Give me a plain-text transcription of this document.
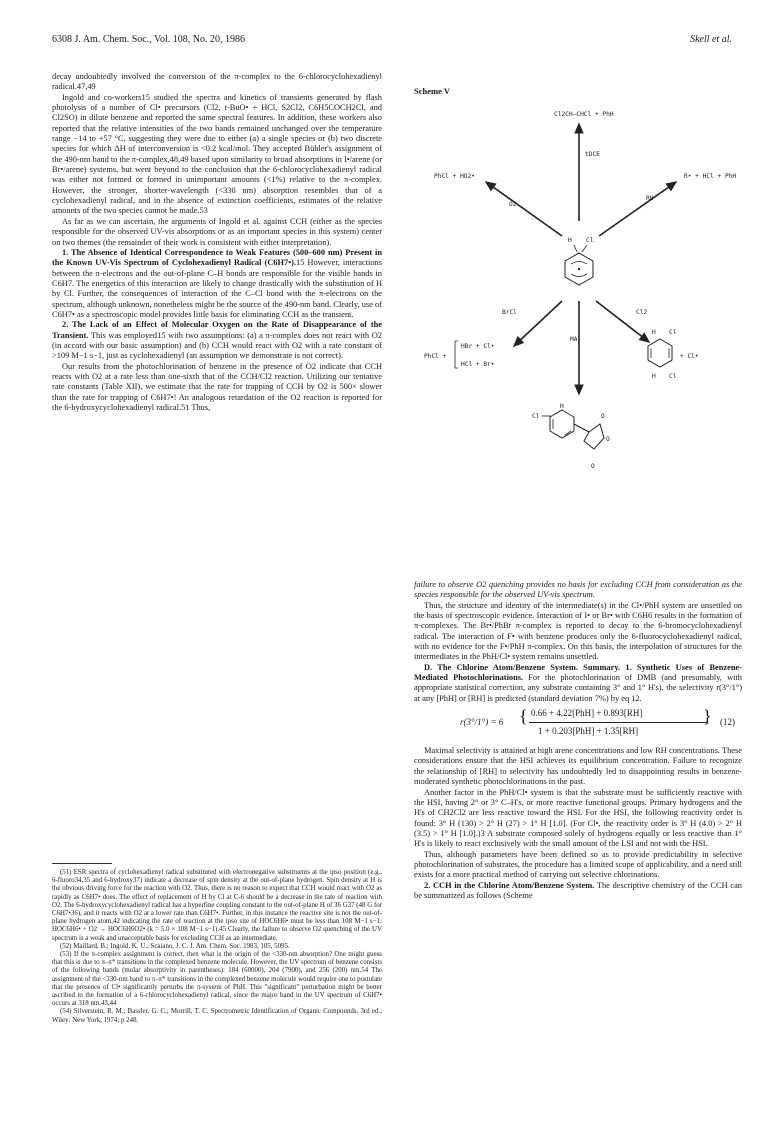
6308 J. Am. Chem. Soc., Vol. 108, No. 20, 1986	Skell et al.

decay undoubtedly involved the conversion of the π-complex to the 6-chlorocyclohexadienyl radical.47,49

Ingold and co-workers15 studied the spectra and kinetics of transients generated by flash photolysis of a number of Cl• precursors (Cl2, t-BuO• + HCl, S2Cl2, C6H5COCH2Cl, and Cl2SO) in dilute benzene and reported the same spectral features. In addition, these workers also reported that the relative intensities of the two bands remained unchanged over the temperature range −14 to +57 °C, suggesting they were due to either (a) a single species or (b) two discrete species for which ΔH of interconversion is <0.2 kcal/mol. They accepted Bühler's assignment of the 490-nm band to the π-complex,48,49 based upon similarity to broad absorptions in I•/arene (or Br•/arene) systems, but went beyond to the conclusion that the 6-chlorocyclohexadienyl radical was either not formed or formed in unimportant amounts (<1%) relative to the π-complex. However, the stronger, shorter-wavelength (<330 nm) absorption resembles that of a cyclohexadienyl radical, and in the absence of extinction coefficients, estimates of the relative amounts of the two species cannot be made.53

As far as we can ascertain, the arguments of Ingold et al. against CCH (either as the species responsible for the observed UV-vis absorptions or as an important species in this system) center on two themes (the remainder of their work is consistent with either interpretation).

1. The Absence of Identical Correspondence to Weak Features (500–600 nm) Present in the Known UV-Vis Spectrum of Cyclohexadienyl Radical (C6H7•).15 However, interactions between the π-electrons and the out-of-plane C–H bonds are responsible for the visible bands in C6H7. The energetics of this interaction are likely to change drastically with the substitution of H by Cl. Further, the consequences of interaction of the C–Cl bond with the π-electrons on the spectrum, although unknown, nonetheless might be the source of the 490-nm band. Clearly, use of C6H7• as a spectroscopic model provides little basis for eliminating CCH as the transient.

2. The Lack of an Effect of Molecular Oxygen on the Rate of Disappearance of the Transient. This was employed15 with two assumptions: (a) a π-complex does not react with O2 (in accord with our basic assumption) and (b) CCH would react with O2 with a rate constant of >109 M−1 s−1, just as cyclohexadienyl (an assumption we demonstrate is not correct).

Our results from the photochlorination of benzene in the presence of O2 indicate that CCH reacts with O2 at a rate less than one-sixth that of the CCH/Cl2 reaction. Utilizing our tentative rate constants (Table XII), we estimate that the rate for trapping of CCH by O2 is 500× slower than the rate for trapping of C6H7•! An analogous retardation of the O2 reaction is reported for the 6-hydroxycyclohexadienyl radical.51 Thus,

(51) ESR spectra of cyclohexadienyl radical substituted with electronegative substituents at the ipso position (e.g., 6-fluoro34,35 and 6-hydroxy37) indicate a decrease of spin density at the out-of-plane hydrogen. Spin density at H is the obvious driving force for the reaction with O2. Thus, there is no reason to expect that CCH would react with O2 as rapidly as C6H7• does. The effect of replacement of H by Cl at C-6 should be a decrease in the rate of reaction with O2. The 6-hydroxycyclohexadienyl radical has a hyperfine coupling constant to the out-of-plane H of 36 G37 (48 G for C6H7•36), and it reacts with O2 at a lower rate than C6H7•. Further, in this instance the reactive site is not the out-of-plane hydrogen atom,42 indicating the rate of reaction at the ipso site of HOC6H6• must be less than 108 M−1 s−1: HOC6H6• + O2 → HOC6H6O2• (k = 5.0 × 108 M−1 s−1).45 Clearly, the failure to observe O2 quenching of the UV spectrum is a weak and unacceptable basis for excluding CCH as an intermediate.

(52) Maillard, B.; Ingold, K. U.; Scaiano, J. C. J. Am. Chem. Soc. 1983, 105, 5095.

(53) If the π-complex assignment is correct, then what is the origin of the <330-nm absorption? One might guess that this is due to π–π* transitions in the complexed benzene molecule. However, the UV spectrum of benzene consists of the following bands (molar absorptivity in parentheses): 184 (60000), 204 (7900), and 256 (200) nm.54 The assignment of the <330-nm band to π–π* transitions in the complexed benzene molecule would require one to postulate that the presence of Cl• significantly perturbs the π-system of PhH. This "significant" perturbation might be better ascribed to the formation of a 6-chlorocyclohexadienyl radical, since the major band in the UV spectrum of C6H7• occurs at 318 nm.43,44

(54) Silverstein, R. M.; Bassler, G. C.; Morrill, T. C. Spectrometric Identification of Organic Compounds, 3rd ed.; Wiley: New York, 1974; p 248.

Scheme V
Cl2CH–CHCl + PhH
tDCE
PhCl + HO2•
O2
R• + HCl + PhH
RH
H Cl
BrCl
PhCl +
HBr + Cl•
HCl + Br•
MA
Cl2
H Cl
H Cl
+ Cl•
H
Cl	O
O
O

failure to observe O2 quenching provides no basis for excluding CCH from consideration as the species responsible for the observed UV-vis spectrum.

Thus, the structure and identity of the intermediate(s) in the Cl•/PhH system are unsettled on the basis of spectroscopic evidence. Interaction of I• or Br• with C6H6 results in the formation of π-complexes. The Br•/PhBr π-complex is reported to decay to the 6-bromocyclohexadienyl radical. The interaction of F• with benzene produces only the 6-fluorocyclohexadienyl radical, with no evidence for the F•/PhH π-complex. On this basis, the interpolation of structures for the intermediates in the PhH/Cl• system remains unsettled.

D. The Chlorine Atom/Benzene System. Summary. 1. Synthetic Uses of Benzene-Mediated Photochlorinations. For the photochlorination of DMB (and presumably, with appropriate statistical correction, any substrate containing 3° and 1° H's), the selectivity r(3°/1°) at any [PhH] or [RH] is predicted (standard deviation 7%) by eq 12.

Maximal selectivity is attained at high arene concentrations and low RH concentrations. These considerations ensure that the HSI achieves its equilibrium concentration. Failure to recognize the relationship of [RH] to selectivity has undoubtedly led to disappointing results in benzene-moderated synthetic photochlorinations in the past.

Another factor in the PhH/Cl• system is that the substrate must be sufficiently reactive with the HSI, having 2° or 3° C–H's, or more reactive functional groups. Primary hydrogens and the H's of CH2Cl2 are less reactive toward the HSI. For the HSI, the following reactivity order is found: 3° H (130) > 2° H (27) > 1° H [1.0]. (For Cl•, the reactivity order is 3° H (4.0) > 2° H (3.5) > 1° H [1.0].)3 A substrate composed solely of hydrogens equally or less reactive than 1° H's is likely to react exclusively with the small amount of the LSI and not with the HSI.

Thus, although parameters have been defined so as to provide predictability in selective photochlorination of substrates, the procedure has a limited scope of applicability, and a need still exists for a more practical method of carrying out selective chlorinations.

2. CCH in the Chlorine Atom/Benzene System. The descriptive chemistry of the CCH can be summarized as follows (Scheme

r(3°/1°) = 6 { 0.66 + 4.22[PhH] + 0.893[RH]
1 + 0.203[PhH] + 1.35[RH]
} (12)
